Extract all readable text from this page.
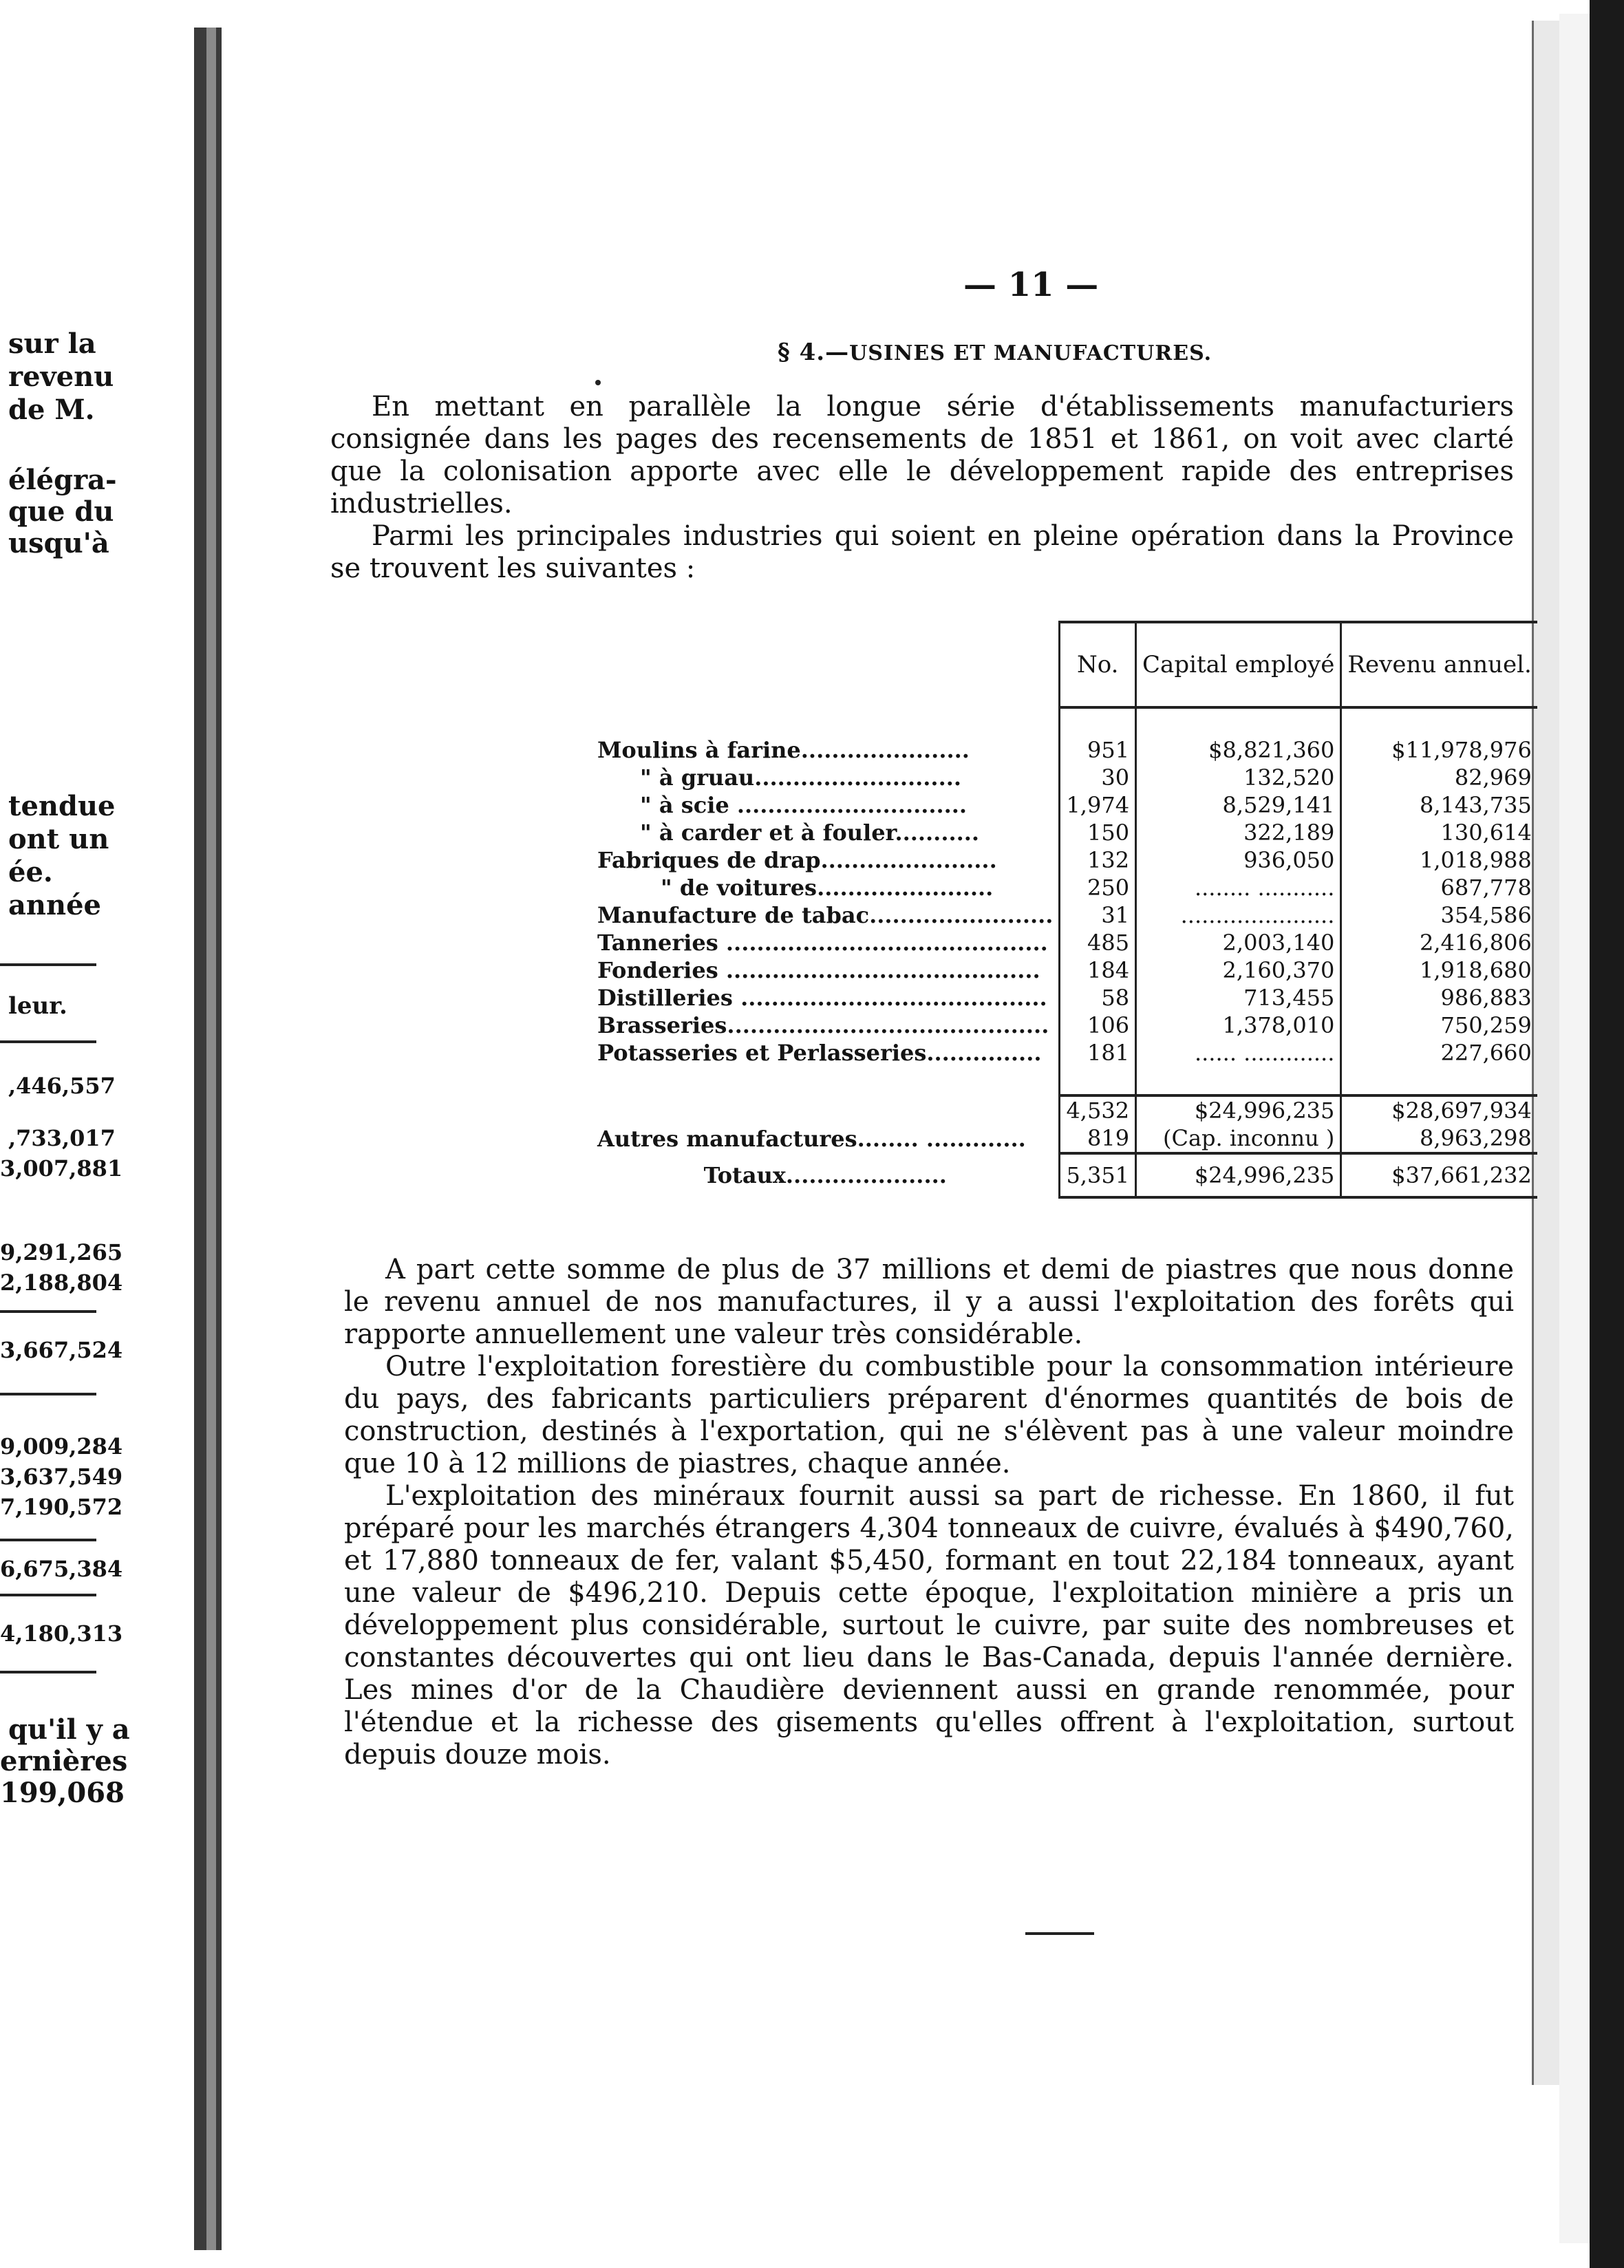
sur la
revenu
de M.
élégra-
que du
usqu'à
tendue
ont un
ée.
année
leur.
,446,557
,733,017
3,007,881
9,291,265
2,188,804
3,667,524
9,009,284
3,637,549
7,190,572
6,675,384
4,180,313
qu'il y a
ernières
199,068
— 11 —
§ 4.—USINES ET MANUFACTURES.

En mettant en parallèle la longue série d'établissements manufacturiers consignée dans les pages des recensements de 1851 et 1861, on voit avec clarté que la colonisation apporte avec elle le développement rapide des entreprises industrielles.

Parmi les principales industries qui soient en pleine opération dans la Province se trouvent les suivantes :

	No.	Capital employé	Revenu annuel.

Moulins à farine......................	951	$8,821,360	$11,978,976
" à gruau...........................	30	132,520	82,969
" à scie ..............................	1,974	8,529,141	8,143,735
" à carder et à fouler...........	150	322,189	130,614
Fabriques de drap.......................	132	936,050	1,018,988
" de voitures.......................	250	........ ...........	687,778
Manufacture de tabac........................	31	......................	354,586
Tanneries ..........................................	485	2,003,140	2,416,806
Fonderies .........................................	184	2,160,370	1,918,680
Distilleries ........................................	58	713,455	986,883
Brasseries..........................................	106	1,378,010	750,259
Potasseries et Perlasseries...............	181	...... .............	227,660

	4,532	$24,996,235	$28,697,934
Autres manufactures........ .............	819	(Cap. inconnu )	8,963,298
Totaux.....................	5,351	$24,996,235	$37,661,232

A part cette somme de plus de 37 millions et demi de piastres que nous donne le revenu annuel de nos manufactures, il y a aussi l'exploitation des forêts qui rapporte annuellement une valeur très considérable.

Outre l'exploitation forestière du combustible pour la consommation intérieure du pays, des fabricants particuliers préparent d'énormes quantités de bois de construction, destinés à l'exportation, qui ne s'élèvent pas à une valeur moindre que 10 à 12 millions de piastres, chaque année.

L'exploitation des minéraux fournit aussi sa part de richesse. En 1860, il fut préparé pour les marchés étrangers 4,304 tonneaux de cuivre, évalués à $490,760, et 17,880 tonneaux de fer, valant $5,450, formant en tout 22,184 tonneaux, ayant une valeur de $496,210. Depuis cette époque, l'exploitation minière a pris un développement plus considérable, surtout le cuivre, par suite des nombreuses et constantes découvertes qui ont lieu dans le Bas-Canada, depuis l'année dernière. Les mines d'or de la Chaudière deviennent aussi en grande renommée, pour l'étendue et la richesse des gisements qu'elles offrent à l'exploitation, surtout depuis douze mois.
